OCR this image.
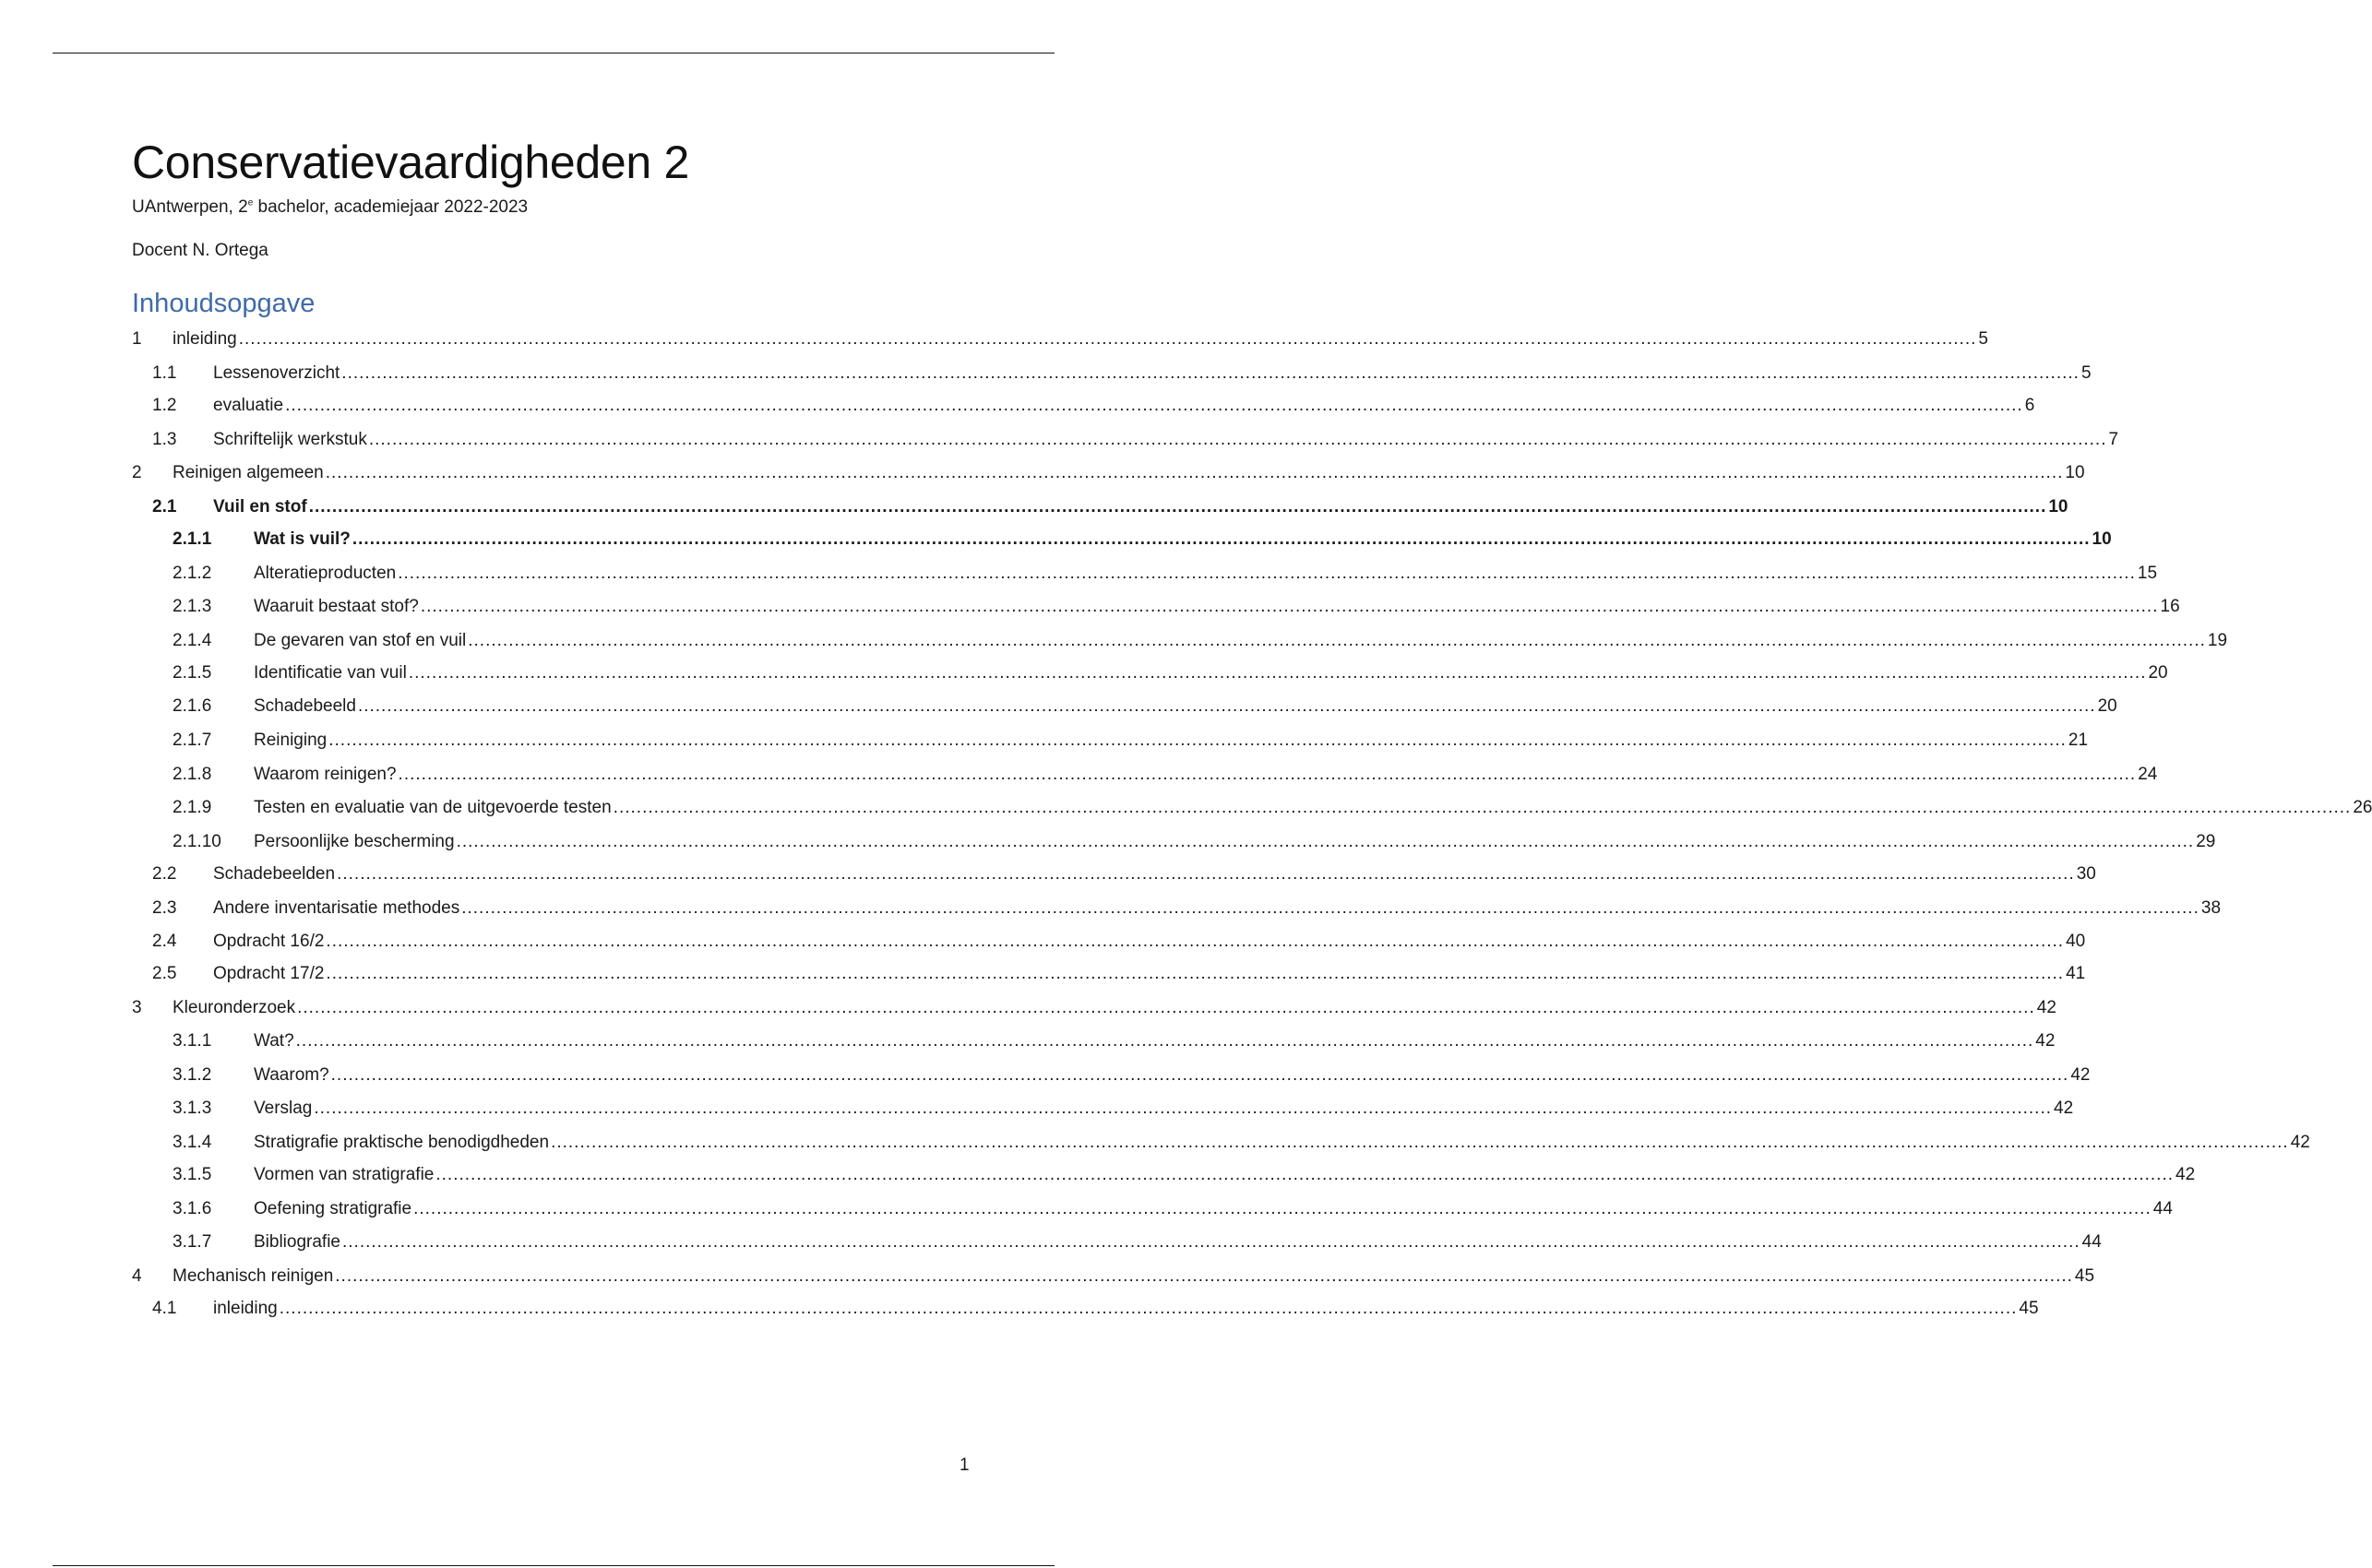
Conservatievaardigheden 2
UAntwerpen, 2e bachelor, academiejaar 2022-2023
Docent N. Ortega
Inhoudsopgave
1	inleiding ............................................................................................................................................................................................................................................................................................................ 5
1.1	Lessenoverzicht ............................................................................................................................................................................................................................................................................................................ 5
1.2	evaluatie ............................................................................................................................................................................................................................................................................................................ 6
1.3	Schriftelijk werkstuk ............................................................................................................................................................................................................................................................................................................ 7
2	Reinigen algemeen ............................................................................................................................................................................................................................................................................................................ 10
2.1	Vuil en stof ............................................................................................................................................................................................................................................................................................................ 10
2.1.1	Wat is vuil? ............................................................................................................................................................................................................................................................................................................ 10
2.1.2	Alteratieproducten ............................................................................................................................................................................................................................................................................................................ 15
2.1.3	Waaruit bestaat stof? ............................................................................................................................................................................................................................................................................................................ 16
2.1.4	De gevaren van stof en vuil ............................................................................................................................................................................................................................................................................................................ 19
2.1.5	Identificatie van vuil ............................................................................................................................................................................................................................................................................................................ 20
2.1.6	Schadebeeld ............................................................................................................................................................................................................................................................................................................ 20
2.1.7	Reiniging ............................................................................................................................................................................................................................................................................................................ 21
2.1.8	Waarom reinigen? ............................................................................................................................................................................................................................................................................................................ 24
2.1.9	Testen en evaluatie van de uitgevoerde testen ............................................................................................................................................................................................................................................................................................................ 26
2.1.10	Persoonlijke bescherming ............................................................................................................................................................................................................................................................................................................ 29
2.2	Schadebeelden ............................................................................................................................................................................................................................................................................................................ 30
2.3	Andere inventarisatie methodes ............................................................................................................................................................................................................................................................................................................ 38
2.4	Opdracht 16/2 ............................................................................................................................................................................................................................................................................................................ 40
2.5	Opdracht 17/2 ............................................................................................................................................................................................................................................................................................................ 41
3	Kleuronderzoek ............................................................................................................................................................................................................................................................................................................ 42
3.1.1	Wat? ............................................................................................................................................................................................................................................................................................................ 42
3.1.2	Waarom? ............................................................................................................................................................................................................................................................................................................ 42
3.1.3	Verslag ............................................................................................................................................................................................................................................................................................................ 42
3.1.4	Stratigrafie praktische benodigdheden ............................................................................................................................................................................................................................................................................................................ 42
3.1.5	Vormen van stratigrafie ............................................................................................................................................................................................................................................................................................................ 42
3.1.6	Oefening stratigrafie ............................................................................................................................................................................................................................................................................................................ 44
3.1.7	Bibliografie ............................................................................................................................................................................................................................................................................................................ 44
4	Mechanisch reinigen ............................................................................................................................................................................................................................................................................................................ 45
4.1	inleiding ............................................................................................................................................................................................................................................................................................................ 45
1
